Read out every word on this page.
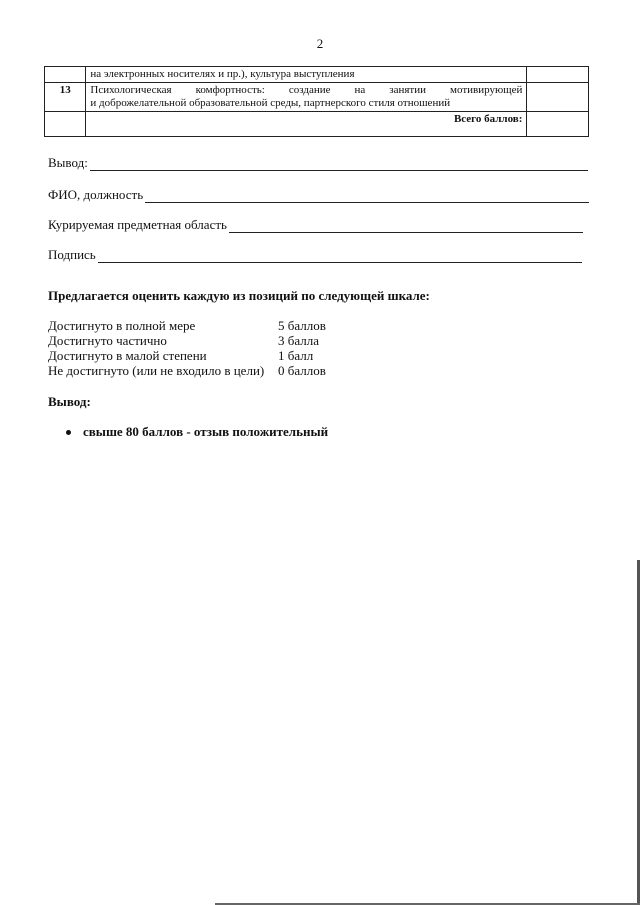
2
	на электронных носителях и пр.), культура выступления	
13	Психологическая комфортность: создание на занятии мотивирующей
и доброжелательной образовательной среды, партнерского стиля отношений	

	Всего баллов:	
Вывод:
ФИО, должность
Курируемая предметная область
Подпись
Предлагается оценить каждую из позиций по следующей шкале:
Достигнуто в полной мере	5 баллов
Достигнуто частично	3 балла
Достигнуто в малой степени	1 балл
Не достигнуто (или не входило в цели)	0 баллов
Вывод:
свыше 80 баллов - отзыв положительный
